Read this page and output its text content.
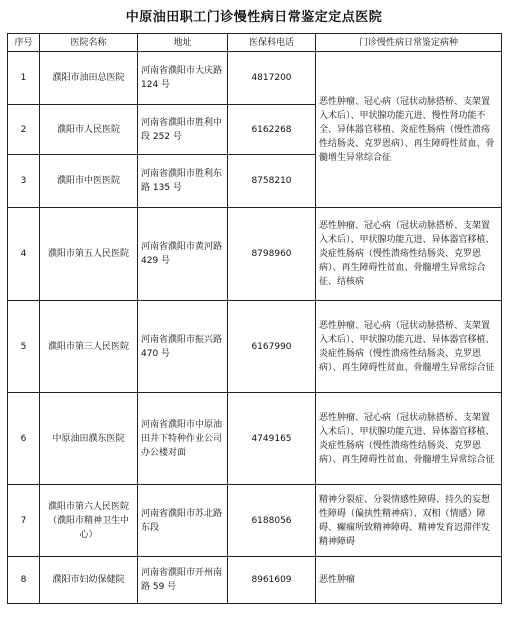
中原油田职工门诊慢性病日常鉴定定点医院
序号	医院名称	地址	医保科电话	门诊慢性病日常鉴定病种
1	濮阳市油田总医院	河南省濮阳市大庆路 124 号	4817200	恶性肿瘤、冠心病（冠状动脉搭桥、支架置入术后）、甲状腺功能亢进、慢性肾功能不全、异体器官移植、炎症性肠病（慢性溃疡性结肠炎、克罗恩病）、再生障碍性贫血、骨髓增生异常综合征
2	濮阳市人民医院	河南省濮阳市胜利中段 252 号	6162268	
3	濮阳市中医医院	河南省濮阳市胜利东路 135 号	8758210	
4	濮阳市第五人民医院	河南省濮阳市黄河路 429 号	8798960	恶性肿瘤、冠心病（冠状动脉搭桥、支架置入术后）、甲状腺功能亢进、异体器官移植、炎症性肠病（慢性溃疡性结肠炎、克罗恩病）、再生障碍性贫血、骨髓增生异常综合征、结核病
5	濮阳市第三人民医院	河南省濮阳市振兴路 470 号	6167990	恶性肿瘤、冠心病（冠状动脉搭桥、支架置入术后）、甲状腺功能亢进、异体器官移植、炎症性肠病（慢性溃疡性结肠炎、克罗恩病）、再生障碍性贫血、骨髓增生异常综合征
6	中原油田濮东医院	河南省濮阳市中原油田井下特种作业公司办公楼对面	4749165	恶性肿瘤、冠心病（冠状动脉搭桥、支架置入术后）、甲状腺功能亢进、异体器官移植、炎症性肠病（慢性溃疡性结肠炎、克罗恩病）、再生障碍性贫血、骨髓增生异常综合征
7	濮阳市第六人民医院（濮阳市精神卫生中心）	河南省濮阳市苏北路东段	6188056	精神分裂症、分裂情感性障碍、持久的妄想性障碍（偏执性精神病）、双相（情感）障碍、癫痫所致精神障碍、精神发育迟滞伴发精神障碍
8	濮阳市妇幼保健院	河南省濮阳市开州南路 59 号	8961609	恶性肿瘤
